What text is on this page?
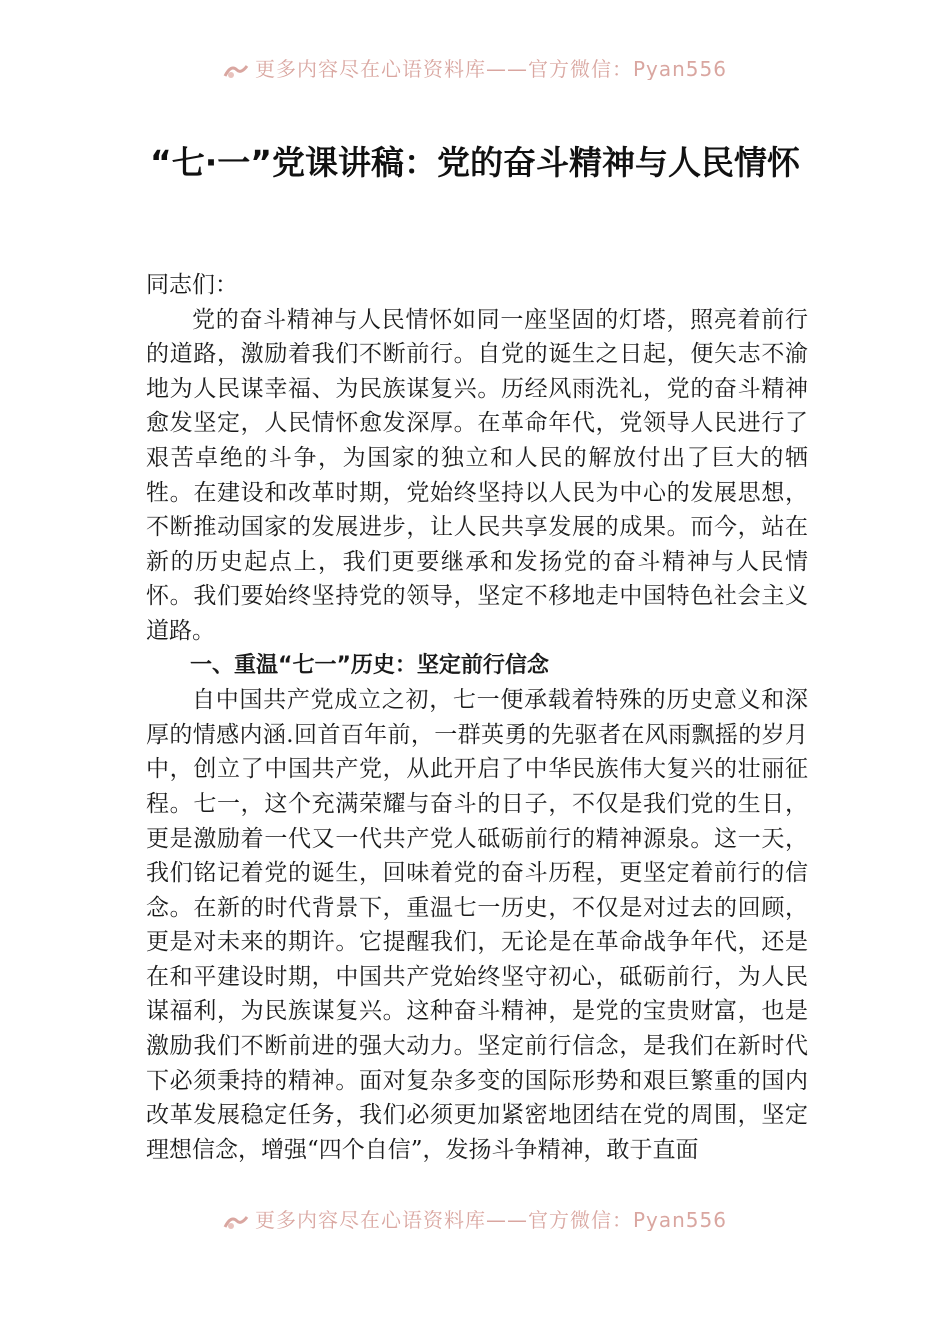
更多内容尽在心语资料库——官方微信：Pyan556
“七·一”党课讲稿：党的奋斗精神与人民情怀

同志们：

党的奋斗精神与人民情怀如同一座坚固的灯塔，照亮着前行的道路，激励着我们不断前行。自党的诞生之日起，便矢志不渝地为人民谋幸福、为民族谋复兴。历经风雨洗礼，党的奋斗精神愈发坚定，人民情怀愈发深厚。在革命年代，党领导人民进行了艰苦卓绝的斗争，为国家的独立和人民的解放付出了巨大的牺牲。在建设和改革时期，党始终坚持以人民为中心的发展思想，不断推动国家的发展进步，让人民共享发展的成果。而今，站在新的历史起点上，我们更要继承和发扬党的奋斗精神与人民情怀。我们要始终坚持党的领导，坚定不移地走中国特色社会主义道路。

一、重温“七一”历史：坚定前行信念

自中国共产党成立之初，七一便承载着特殊的历史意义和深厚的情感内涵.回首百年前，一群英勇的先驱者在风雨飘摇的岁月中，创立了中国共产党，从此开启了中华民族伟大复兴的壮丽征程。七一，这个充满荣耀与奋斗的日子，不仅是我们党的生日，更是激励着一代又一代共产党人砥砺前行的精神源泉。这一天，我们铭记着党的诞生，回味着党的奋斗历程，更坚定着前行的信念。在新的时代背景下，重温七一历史，不仅是对过去的回顾，更是对未来的期许。它提醒我们，无论是在革命战争年代，还是在和平建设时期，中国共产党始终坚守初心，砥砺前行，为人民谋福利，为民族谋复兴。这种奋斗精神，是党的宝贵财富，也是激励我们不断前进的强大动力。坚定前行信念，是我们在新时代下必须秉持的精神。面对复杂多变的国际形势和艰巨繁重的国内改革发展稳定任务，我们必须更加紧密地团结在党的周围，坚定理想信念，增强“四个自信”，发扬斗争精神，敢于直面

更多内容尽在心语资料库——官方微信：Pyan556
